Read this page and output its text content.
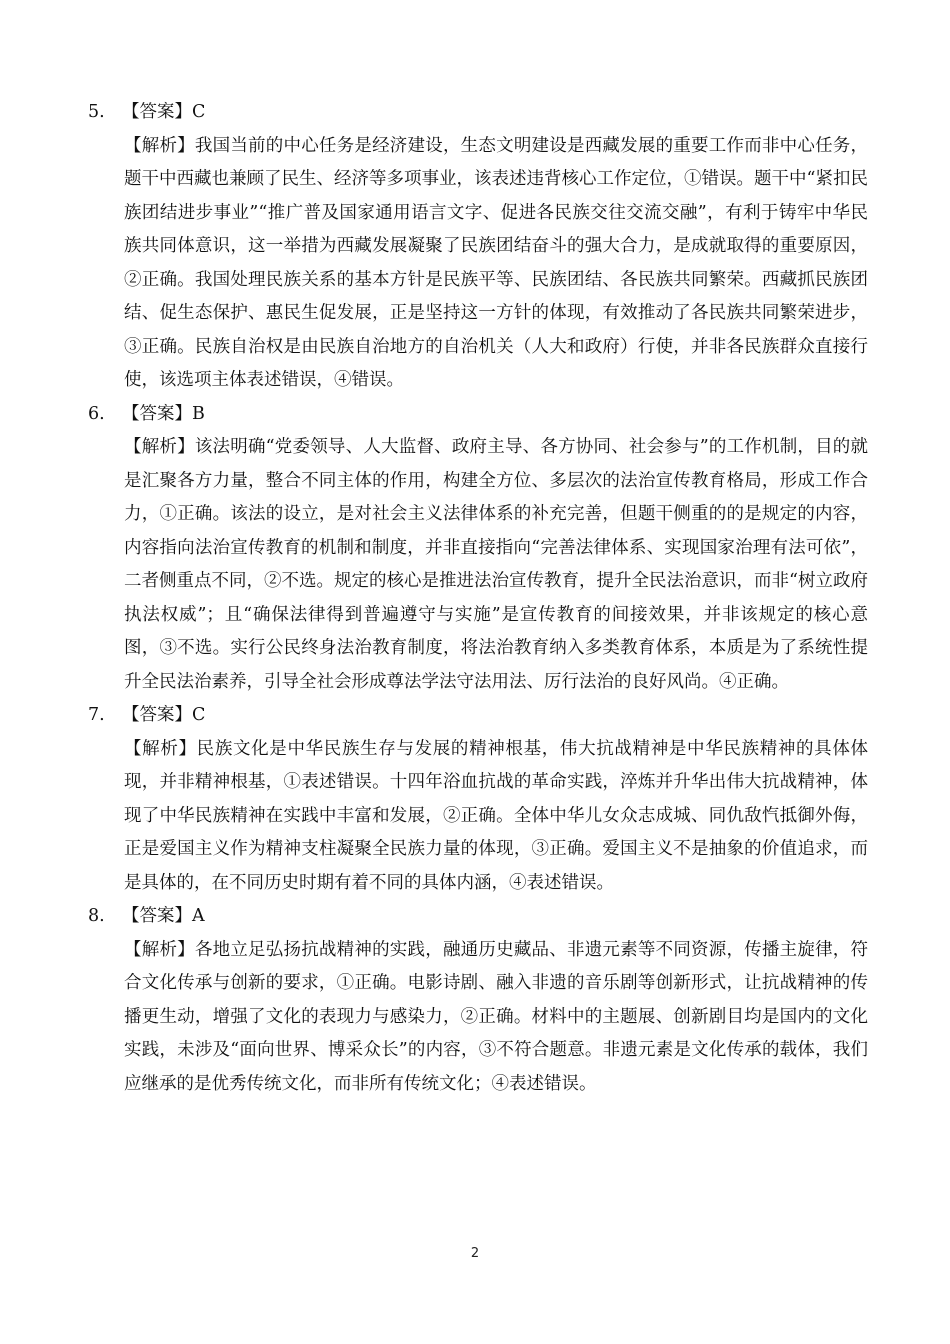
5. 【答案】C
【解析】我国当前的中心任务是经济建设，生态文明建设是西藏发展的重要工作而非中心任务，题干中西藏也兼顾了民生、经济等多项事业，该表述违背核心工作定位，①错误。题干中“紧扣民族团结进步事业”“推广普及国家通用语言文字、促进各民族交往交流交融”，有利于铸牢中华民族共同体意识，这一举措为西藏发展凝聚了民族团结奋斗的强大合力，是成就取得的重要原因，②正确。我国处理民族关系的基本方针是民族平等、民族团结、各民族共同繁荣。西藏抓民族团结、促生态保护、惠民生促发展，正是坚持这一方针的体现，有效推动了各民族共同繁荣进步，③正确。民族自治权是由民族自治地方的自治机关（人大和政府）行使，并非各民族群众直接行使，该选项主体表述错误，④错误。
6. 【答案】B
【解析】该法明确“党委领导、人大监督、政府主导、各方协同、社会参与”的工作机制，目的就是汇聚各方力量，整合不同主体的作用，构建全方位、多层次的法治宣传教育格局，形成工作合力，①正确。该法的设立，是对社会主义法律体系的补充完善，但题干侧重的的是规定的内容，内容指向法治宣传教育的机制和制度，并非直接指向“完善法律体系、实现国家治理有法可依”，二者侧重点不同，②不选。规定的核心是推进法治宣传教育，提升全民法治意识，而非“树立政府执法权威”；且“确保法律得到普遍遵守与实施”是宣传教育的间接效果，并非该规定的核心意图，③不选。实行公民终身法治教育制度，将法治教育纳入多类教育体系，本质是为了系统性提升全民法治素养，引导全社会形成尊法学法守法用法、厉行法治的良好风尚。④正确。
7. 【答案】C
【解析】民族文化是中华民族生存与发展的精神根基，伟大抗战精神是中华民族精神的具体体现，并非精神根基，①表述错误。十四年浴血抗战的革命实践，淬炼并升华出伟大抗战精神，体现了中华民族精神在实践中丰富和发展，②正确。全体中华儿女众志成城、同仇敌忾抵御外侮，正是爱国主义作为精神支柱凝聚全民族力量的体现，③正确。爱国主义不是抽象的价值追求，而是具体的，在不同历史时期有着不同的具体内涵，④表述错误。
8. 【答案】A
【解析】各地立足弘扬抗战精神的实践，融通历史藏品、非遗元素等不同资源，传播主旋律，符合文化传承与创新的要求，①正确。电影诗剧、融入非遗的音乐剧等创新形式，让抗战精神的传播更生动，增强了文化的表现力与感染力，②正确。材料中的主题展、创新剧目均是国内的文化实践，未涉及“面向世界、博采众长”的内容，③不符合题意。非遗元素是文化传承的载体，我们应继承的是优秀传统文化，而非所有传统文化；④表述错误。
2
